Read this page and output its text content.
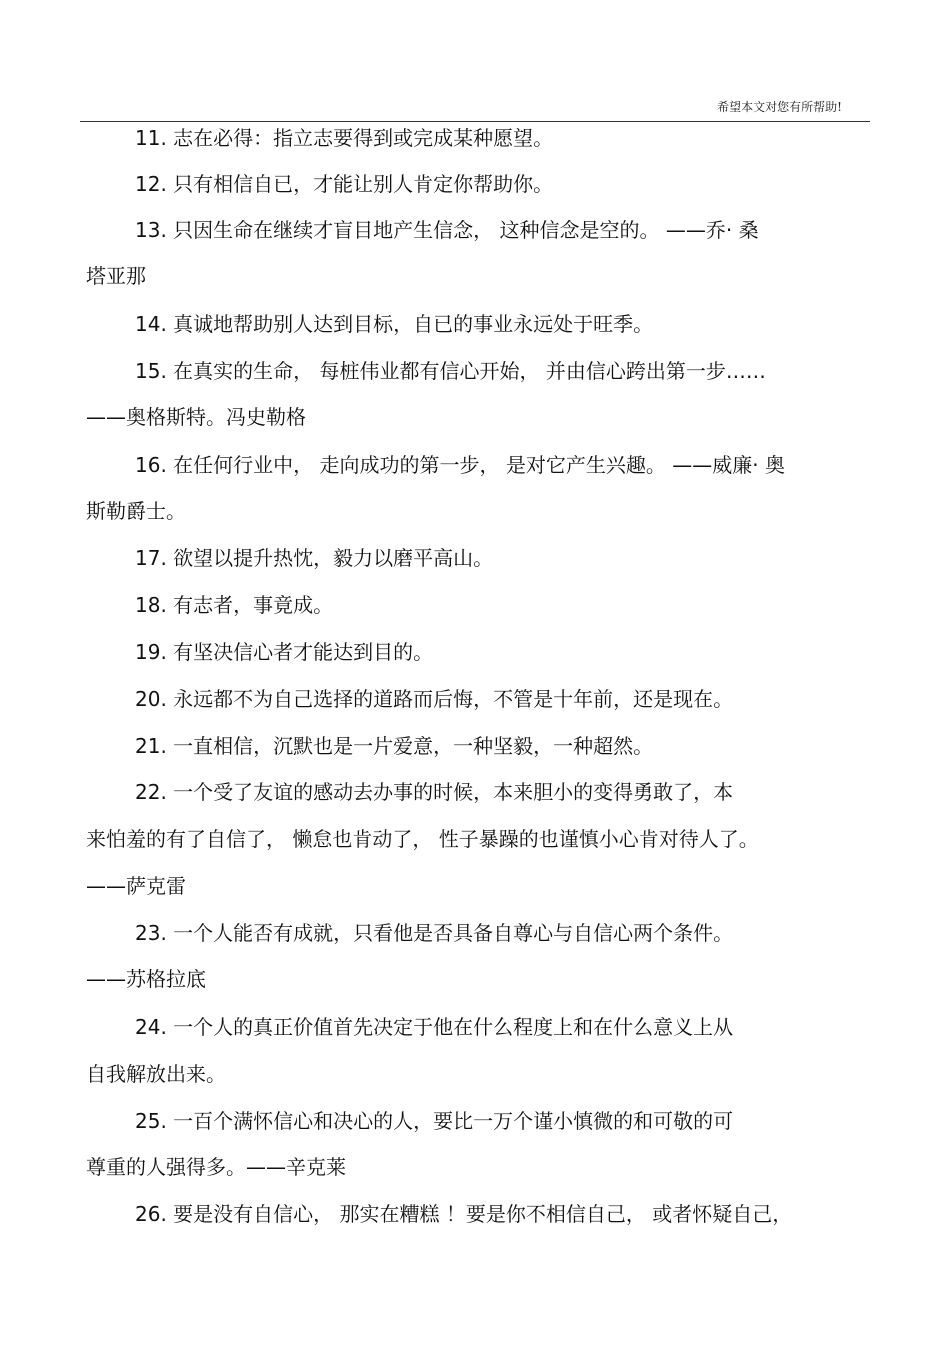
希望本文对您有所帮助!
11. 志在必得：指立志要得到或完成某种愿望。
12. 只有相信自已，才能让别人肯定你帮助你。
13. 只因生命在继续才盲目地产生信念， 这种信念是空的。 ——乔· 桑
塔亚那
14. 真诚地帮助别人达到目标，自已的事业永远处于旺季。
15. 在真实的生命， 每桩伟业都有信心开始， 并由信心跨出第一步……
——奥格斯特。冯史勒格
16. 在任何行业中， 走向成功的第一步， 是对它产生兴趣。 ——威廉· 奥
斯勒爵士。
17. 欲望以提升热忱，毅力以磨平高山。
18. 有志者，事竟成。
19. 有坚决信心者才能达到目的。
20. 永远都不为自己选择的道路而后悔，不管是十年前，还是现在。
21. 一直相信，沉默也是一片爱意，一种坚毅，一种超然。
22. 一个受了友谊的感动去办事的时候，本来胆小的变得勇敢了，本
来怕羞的有了自信了， 懒怠也肯动了， 性子暴躁的也谨慎小心肯对待人了。
——萨克雷
23. 一个人能否有成就，只看他是否具备自尊心与自信心两个条件。
——苏格拉底
24. 一个人的真正价值首先决定于他在什么程度上和在什么意义上从
自我解放出来。
25. 一百个满怀信心和决心的人，要比一万个谨小慎微的和可敬的可
尊重的人强得多。——辛克莱
26. 要是没有自信心， 那实在糟糕 ！要是你不相信自己， 或者怀疑自己，
